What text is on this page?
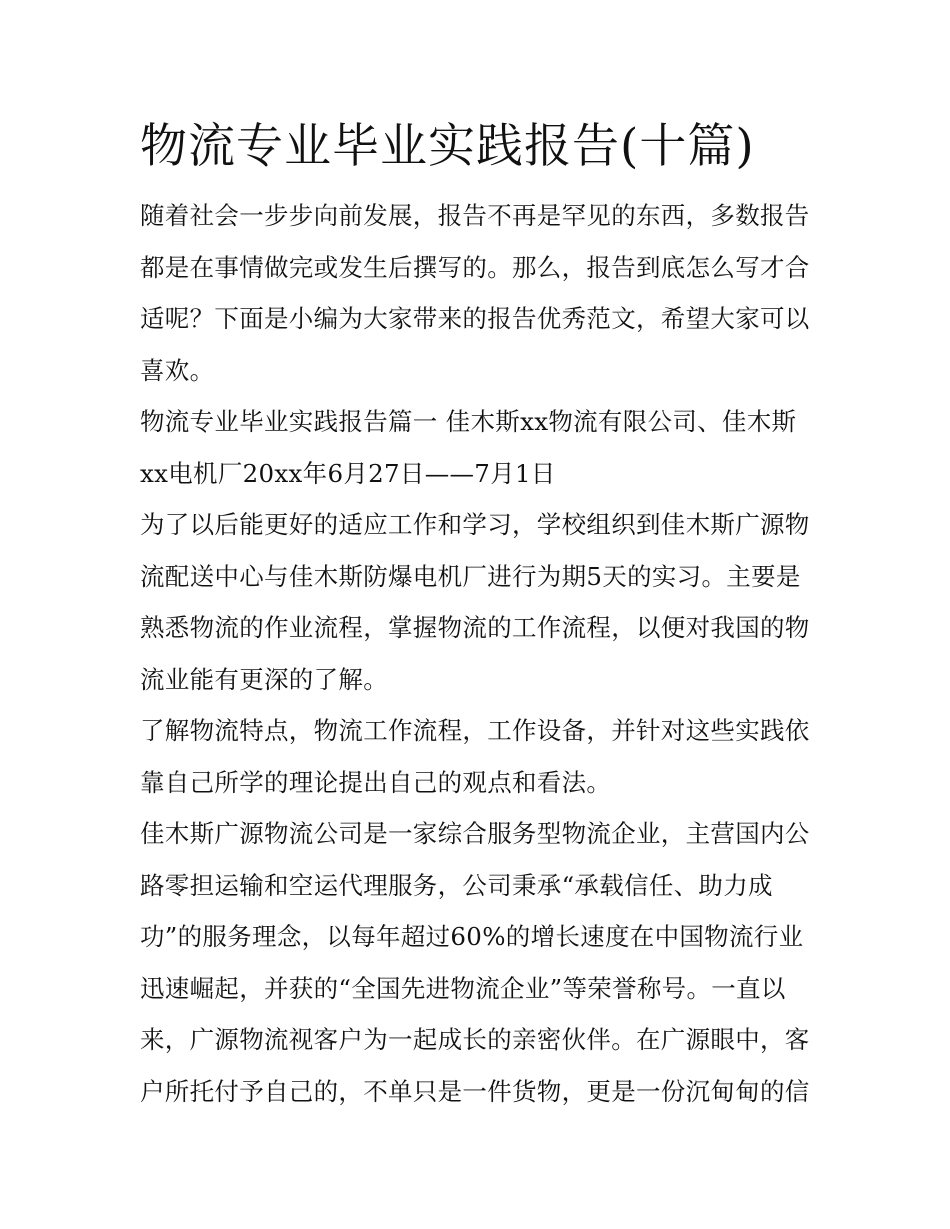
物流专业毕业实践报告(十篇)
随着社会一步步向前发展，报告不再是罕见的东西，多数报告
都是在事情做完或发生后撰写的。那么，报告到底怎么写才合
适呢？下面是小编为大家带来的报告优秀范文，希望大家可以
喜欢。
物流专业毕业实践报告篇一 佳木斯xx物流有限公司、佳木斯
xx电机厂20xx年6月27日——7月1日
为了以后能更好的适应工作和学习，学校组织到佳木斯广源物
流配送中心与佳木斯防爆电机厂进行为期5天的实习。主要是
熟悉物流的作业流程，掌握物流的工作流程，以便对我国的物
流业能有更深的了解。
了解物流特点，物流工作流程，工作设备，并针对这些实践依
靠自己所学的理论提出自己的观点和看法。
佳木斯广源物流公司是一家综合服务型物流企业，主营国内公
路零担运输和空运代理服务，公司秉承“承载信任、助力成
功”的服务理念，以每年超过60%的增长速度在中国物流行业
迅速崛起，并获的“全国先进物流企业”等荣誉称号。一直以
来，广源物流视客户为一起成长的亲密伙伴。在广源眼中，客
户所托付予自己的，不单只是一件货物，更是一份沉甸甸的信
